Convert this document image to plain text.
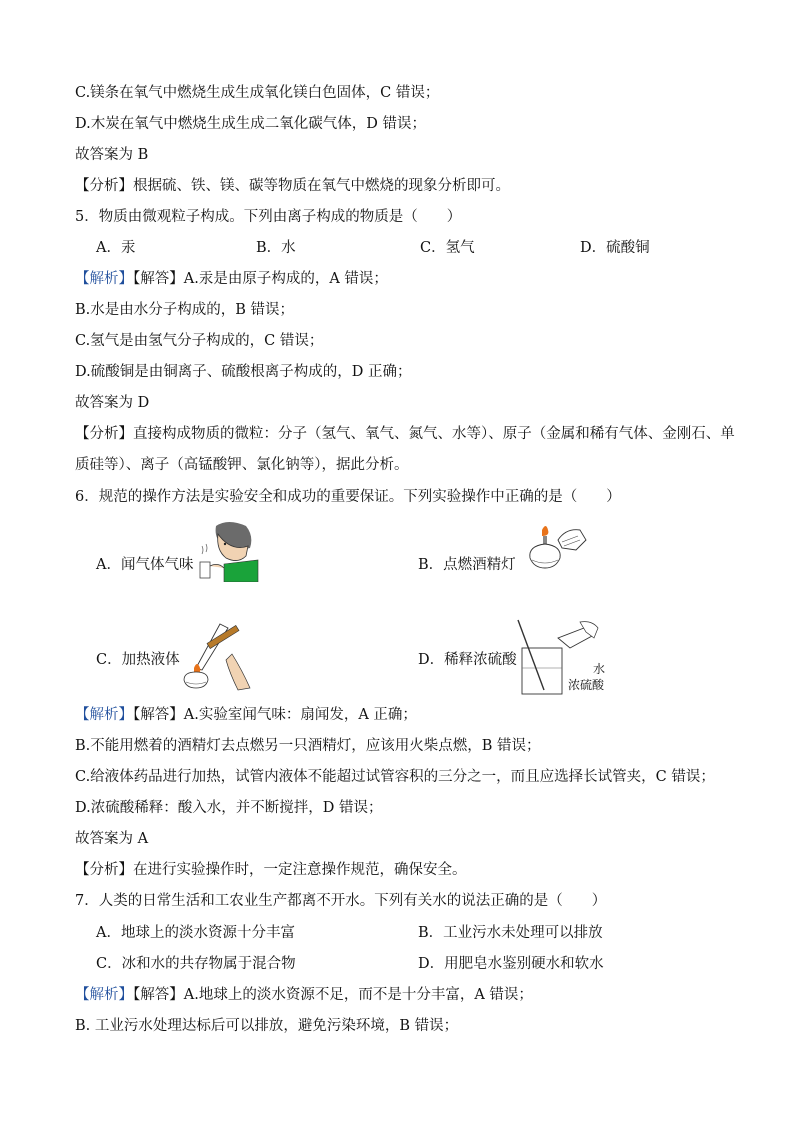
C.镁条在氧气中燃烧生成生成氧化镁白色固体，C 错误；
D.木炭在氧气中燃烧生成生成二氧化碳气体，D 错误；
故答案为 B
【分析】根据硫、铁、镁、碳等物质在氧气中燃烧的现象分析即可。
5．物质由微观粒子构成。下列由离子构成的物质是（　　）
A．汞	B．水	C．氢气	D．硫酸铜
【解析】【解答】A.汞是由原子构成的，A 错误；
B.水是由水分子构成的，B 错误；
C.氢气是由氢气分子构成的，C 错误；
D.硫酸铜是由铜离子、硫酸根离子构成的，D 正确；
故答案为 D
【分析】直接构成物质的微粒：分子（氢气、氧气、氮气、水等）、原子（金属和稀有气体、金刚石、单
质硅等）、离子（高锰酸钾、氯化钠等），据此分析。
6．规范的操作方法是实验安全和成功的重要保证。下列实验操作中正确的是（　　）
A．闻气体气味	B．点燃酒精灯
C．加热液体	D．稀释浓硫酸
水
浓硫酸
【解析】【解答】A.实验室闻气味：扇闻发，A 正确；
B.不能用燃着的酒精灯去点燃另一只酒精灯，应该用火柴点燃，B 错误；
C.给液体药品进行加热，试管内液体不能超过试管容积的三分之一，而且应选择长试管夹，C 错误；
D.浓硫酸稀释：酸入水，并不断搅拌，D 错误；
故答案为 A
【分析】在进行实验操作时，一定注意操作规范，确保安全。
7．人类的日常生活和工农业生产都离不开水。下列有关水的说法正确的是（　　）
A．地球上的淡水资源十分丰富	B．工业污水未处理可以排放
C．冰和水的共存物属于混合物	D．用肥皂水鉴别硬水和软水
【解析】【解答】A.地球上的淡水资源不足，而不是十分丰富，A 错误；
B. 工业污水处理达标后可以排放，避免污染环境，B 错误；
